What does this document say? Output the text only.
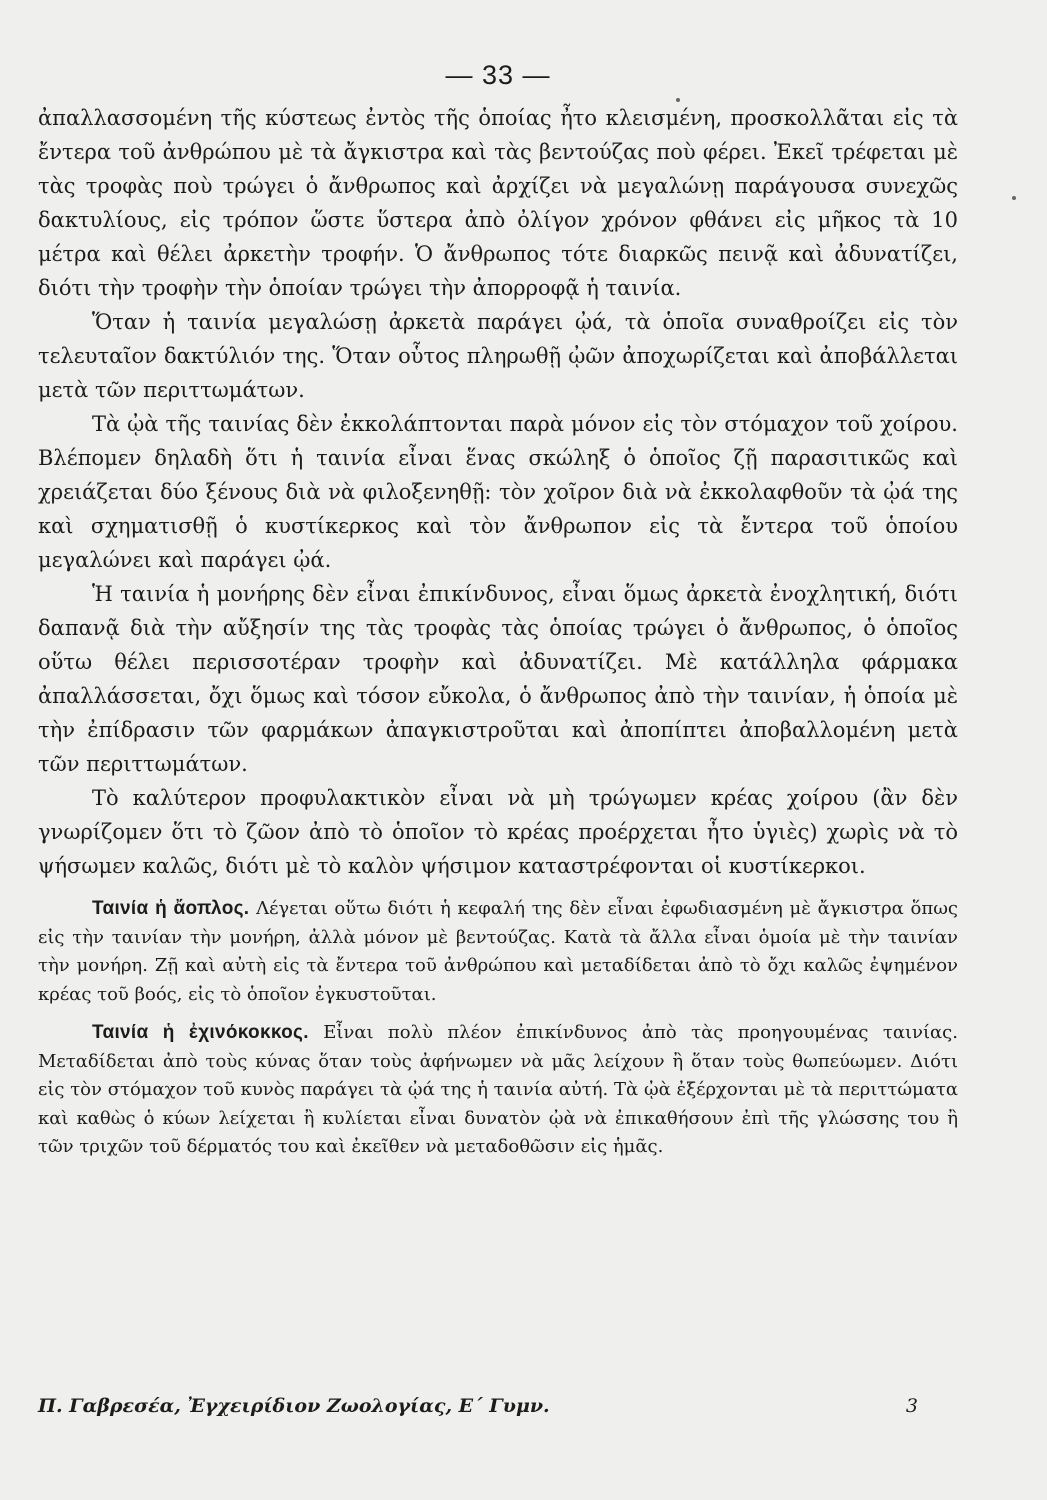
— 33 —

ἀπαλλασσομένη τῆς κύστεως ἐντὸς τῆς ὁποίας ἦτο κλεισμένη, προσκολλᾶται εἰς τὰ ἔντερα τοῦ ἀνθρώπου μὲ τὰ ἄγκιστρα καὶ τὰς βεντούζας ποὺ φέρει. Ἐκεῖ τρέφεται μὲ τὰς τροφὰς ποὺ τρώγει ὁ ἄνθρωπος καὶ ἀρχίζει νὰ μεγαλώνῃ παράγουσα συνεχῶς δακτυλίους, εἰς τρόπον ὥστε ὕστερα ἀπὸ ὀλίγον χρόνον φθάνει εἰς μῆκος τὰ 10 μέτρα καὶ θέλει ἀρκετὴν τροφήν. Ὁ ἄνθρωπος τότε διαρκῶς πεινᾷ καὶ ἀδυνατίζει, διότι τὴν τροφὴν τὴν ὁποίαν τρώγει τὴν ἀπορροφᾷ ἡ ταινία.

Ὅταν ἡ ταινία μεγαλώσῃ ἀρκετὰ παράγει ᾠά, τὰ ὁποῖα συναθροίζει εἰς τὸν τελευταῖον δακτύλιόν της. Ὅταν οὗτος πληρωθῇ ᾠῶν ἀποχωρίζεται καὶ ἀποβάλλεται μετὰ τῶν περιττωμάτων.

Τὰ ᾠὰ τῆς ταινίας δὲν ἐκκολάπτονται παρὰ μόνον εἰς τὸν στόμαχον τοῦ χοίρου. Βλέπομεν δηλαδὴ ὅτι ἡ ταινία εἶναι ἕνας σκώληξ ὁ ὁποῖος ζῇ παρασιτικῶς καὶ χρειάζεται δύο ξένους διὰ νὰ φιλοξενηθῇ: τὸν χοῖρον διὰ νὰ ἐκκολαφθοῦν τὰ ᾠά της καὶ σχηματισθῇ ὁ κυστίκερκος καὶ τὸν ἄνθρωπον εἰς τὰ ἔντερα τοῦ ὁποίου μεγαλώνει καὶ παράγει ᾠά.

Ἡ ταινία ἡ μονήρης δὲν εἶναι ἐπικίνδυνος, εἶναι ὅμως ἀρκετὰ ἐνοχλητική, διότι δαπανᾷ διὰ τὴν αὔξησίν της τὰς τροφὰς τὰς ὁποίας τρώγει ὁ ἄνθρωπος, ὁ ὁποῖος οὕτω θέλει περισσοτέραν τροφὴν καὶ ἀδυνατίζει. Μὲ κατάλληλα φάρμακα ἀπαλλάσσεται, ὄχι ὅμως καὶ τόσον εὔκολα, ὁ ἄνθρωπος ἀπὸ τὴν ταινίαν, ἡ ὁποία μὲ τὴν ἐπίδρασιν τῶν φαρμάκων ἀπαγκιστροῦται καὶ ἀποπίπτει ἀποβαλλομένη μετὰ τῶν περιττωμάτων.

Τὸ καλύτερον προφυλακτικὸν εἶναι νὰ μὴ τρώγωμεν κρέας χοίρου (ἂν δὲν γνωρίζομεν ὅτι τὸ ζῶον ἀπὸ τὸ ὁποῖον τὸ κρέας προέρχεται ἦτο ὑγιὲς) χωρὶς νὰ τὸ ψήσωμεν καλῶς, διότι μὲ τὸ καλὸν ψήσιμον καταστρέφονται οἱ κυστίκερκοι.

Ταινία ἡ ἄοπλος. Λέγεται οὕτω διότι ἡ κεφαλή της δὲν εἶναι ἐφωδιασμένη μὲ ἄγκιστρα ὅπως εἰς τὴν ταινίαν τὴν μονήρη, ἀλλὰ μόνον μὲ βεντούζας. Κατὰ τὰ ἄλλα εἶναι ὁμοία μὲ τὴν ταινίαν τὴν μονήρη. Ζῇ καὶ αὐτὴ εἰς τὰ ἔντερα τοῦ ἀνθρώπου καὶ μεταδίδεται ἀπὸ τὸ ὄχι καλῶς ἐψημένον κρέας τοῦ βοός, εἰς τὸ ὁποῖον ἐγκυστοῦται.

Ταινία ἡ ἐχινόκοκκος. Εἶναι πολὺ πλέον ἐπικίνδυνος ἀπὸ τὰς προηγουμένας ταινίας. Μεταδίδεται ἀπὸ τοὺς κύνας ὅταν τοὺς ἀφήνωμεν νὰ μᾶς λείχουν ἢ ὅταν τοὺς θωπεύωμεν. Διότι εἰς τὸν στόμαχον τοῦ κυνὸς παράγει τὰ ᾠά της ἡ ταινία αὐτή. Τὰ ᾠὰ ἐξέρχονται μὲ τὰ περιττώματα καὶ καθὼς ὁ κύων λείχεται ἢ κυλίεται εἶναι δυνατὸν ᾠὰ νὰ ἐπικαθήσουν ἐπὶ τῆς γλώσσης του ἢ τῶν τριχῶν τοῦ δέρματός του καὶ ἐκεῖθεν νὰ μεταδοθῶσιν εἰς ἡμᾶς.

Π. Γαβρεσέα, Ἐγχειρίδιον Ζωολογίας, Ε΄ Γυμν.	3
